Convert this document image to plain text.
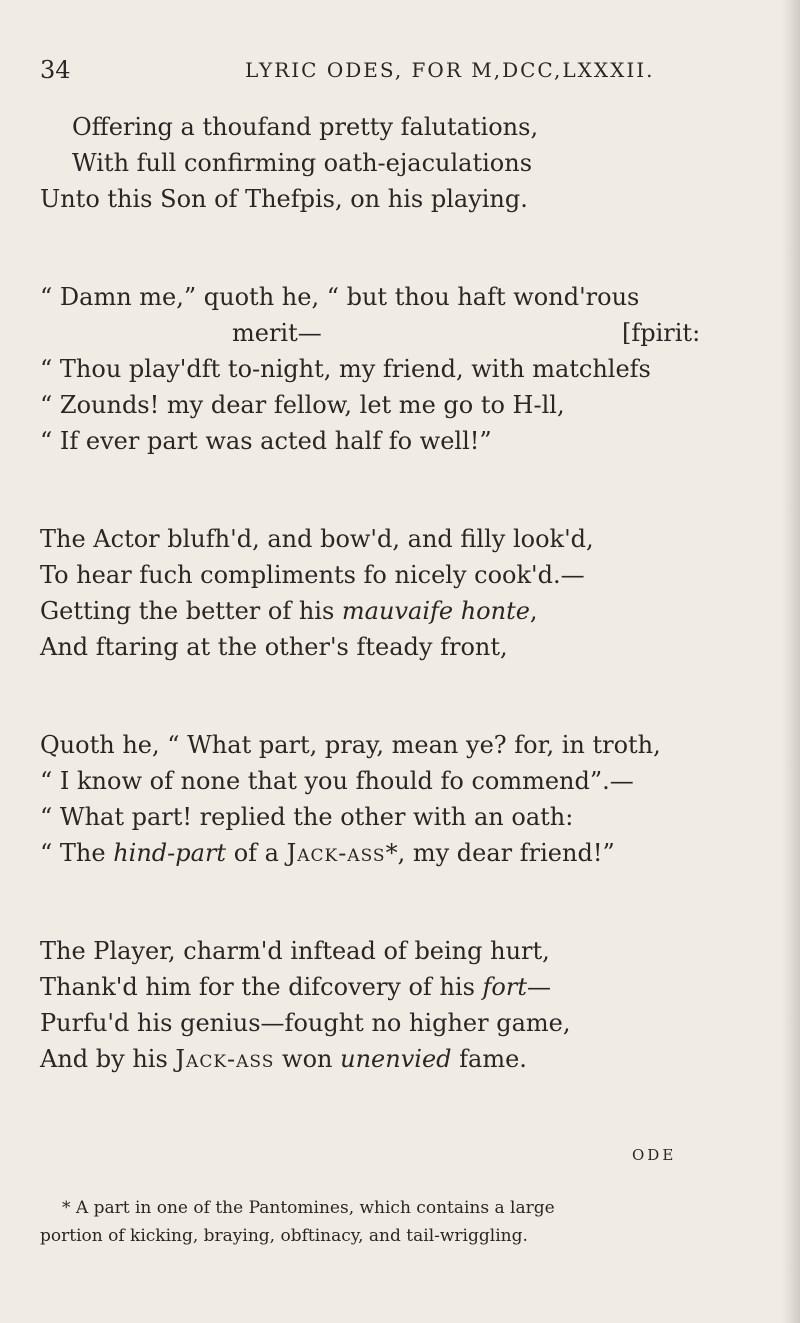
34	LYRIC ODES, FOR M,DCC,LXXXII.
Offering a thoufand pretty falutations,
With full confirming oath-ejaculations
Unto this Son of Thefpis, on his playing.
“ Damn me,” quoth he, “ but thou haft wond'rous
merit—	[fpirit:
“ Thou play'dft to-night, my friend, with matchlefs
“ Zounds! my dear fellow, let me go to H-ll,
“ If ever part was acted half fo well!”
The Actor blufh'd, and bow'd, and filly look'd,
To hear fuch compliments fo nicely cook'd.—
Getting the better of his mauvaife honte,
And ftaring at the other's fteady front,
Quoth he, “ What part, pray, mean ye? for, in troth,
“ I know of none that you fhould fo commend”.—
“ What part! replied the other with an oath:
“ The hind-part of a Jack-ass*, my dear friend!”
The Player, charm'd inftead of being hurt,
Thank'd him for the difcovery of his fort—
Purfu'd his genius—fought no higher game,
And by his Jack-ass won unenvied fame.
ODE
* A part in one of the Pantomines, which contains a large
portion of kicking, braying, obftinacy, and tail-wriggling.
